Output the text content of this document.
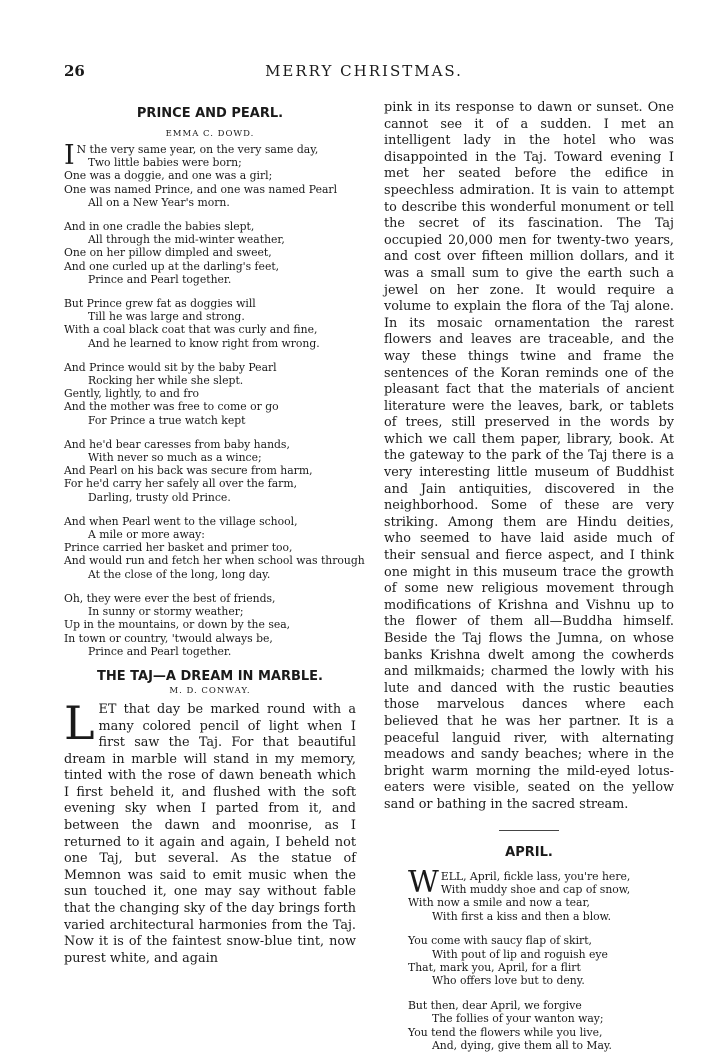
26	MERRY CHRISTMAS.
PRINCE AND PEARL.
EMMA C. DOWD.
I N the very same year, on the very same day,
Two little babies were born;
One was a doggie, and one was a girl;
One was named Prince, and one was named Pearl
All on a New Year's morn.
And in one cradle the babies slept,
All through the mid-winter weather,
One on her pillow dimpled and sweet,
And one curled up at the darling's feet,
Prince and Pearl together.
But Prince grew fat as doggies will
Till he was large and strong.
With a coal black coat that was curly and fine,
And he learned to know right from wrong.
And Prince would sit by the baby Pearl
Rocking her while she slept.
Gently, lightly, to and fro
And the mother was free to come or go
For Prince a true watch kept
And he'd bear caresses from baby hands,
With never so much as a wince;
And Pearl on his back was secure from harm,
For he'd carry her safely all over the farm,
Darling, trusty old Prince.
And when Pearl went to the village school,
A mile or more away:
Prince carried her basket and primer too,
And would run and fetch her when school was through
At the close of the long, long day.
Oh, they were ever the best of friends,
In sunny or stormy weather;
Up in the mountains, or down by the sea,
In town or country, 'twould always be,
Prince and Pearl together.
THE TAJ—A DREAM IN MARBLE.
M. D. CONWAY.

LET that day be marked round with a many colored pencil of light when I first saw the Taj. For that beautiful dream in marble will stand in my memory, tinted with the rose of dawn beneath which I first beheld it, and flushed with the soft evening sky when I parted from it, and between the dawn and moonrise, as I returned to it again and again, I beheld not one Taj, but several. As the statue of Memnon was said to emit music when the sun touched it, one may say without fable that the changing sky of the day brings forth varied architectural harmonies from the Taj. Now it is of the faintest snow-blue tint, now purest white, and again

pink in its response to dawn or sunset. One cannot see it of a sudden. I met an intelligent lady in the hotel who was disappointed in the Taj. Toward evening I met her seated before the edifice in speechless admiration. It is vain to attempt to describe this wonderful monument or tell the secret of its fascination. The Taj occupied 20,000 men for twenty-two years, and cost over fifteen million dollars, and it was a small sum to give the earth such a jewel on her zone. It would require a volume to explain the flora of the Taj alone. In its mosaic ornamentation the rarest flowers and leaves are traceable, and the way these things twine and frame the sentences of the Koran reminds one of the pleasant fact that the materials of ancient literature were the leaves, bark, or tablets of trees, still preserved in the words by which we call them paper, library, book. At the gateway to the park of the Taj there is a very interesting little museum of Buddhist and Jain antiquities, discovered in the neighborhood. Some of these are very striking. Among them are Hindu deities, who seemed to have laid aside much of their sensual and fierce aspect, and I think one might in this museum trace the growth of some new religious movement through modifications of Krishna and Vishnu up to the flower of them all—Buddha himself. Beside the Taj flows the Jumna, on whose banks Krishna dwelt among the cowherds and milkmaids; charmed the lowly with his lute and danced with the rustic beauties those marvelous dances where each believed that he was her partner. It is a peaceful languid river, with alternating meadows and sandy beaches; where in the bright warm morning the mild-eyed lotus-eaters were visible, seated on the yellow sand or bathing in the sacred stream.

APRIL.
WELL, April, fickle lass, you're here,
With muddy shoe and cap of snow,
With now a smile and now a tear,
With first a kiss and then a blow.
You come with saucy flap of skirt,
With pout of lip and roguish eye
That, mark you, April, for a flirt
Who offers love but to deny.
But then, dear April, we forgive
The follies of your wanton way;
You tend the flowers while you live,
And, dying, give them all to May.
